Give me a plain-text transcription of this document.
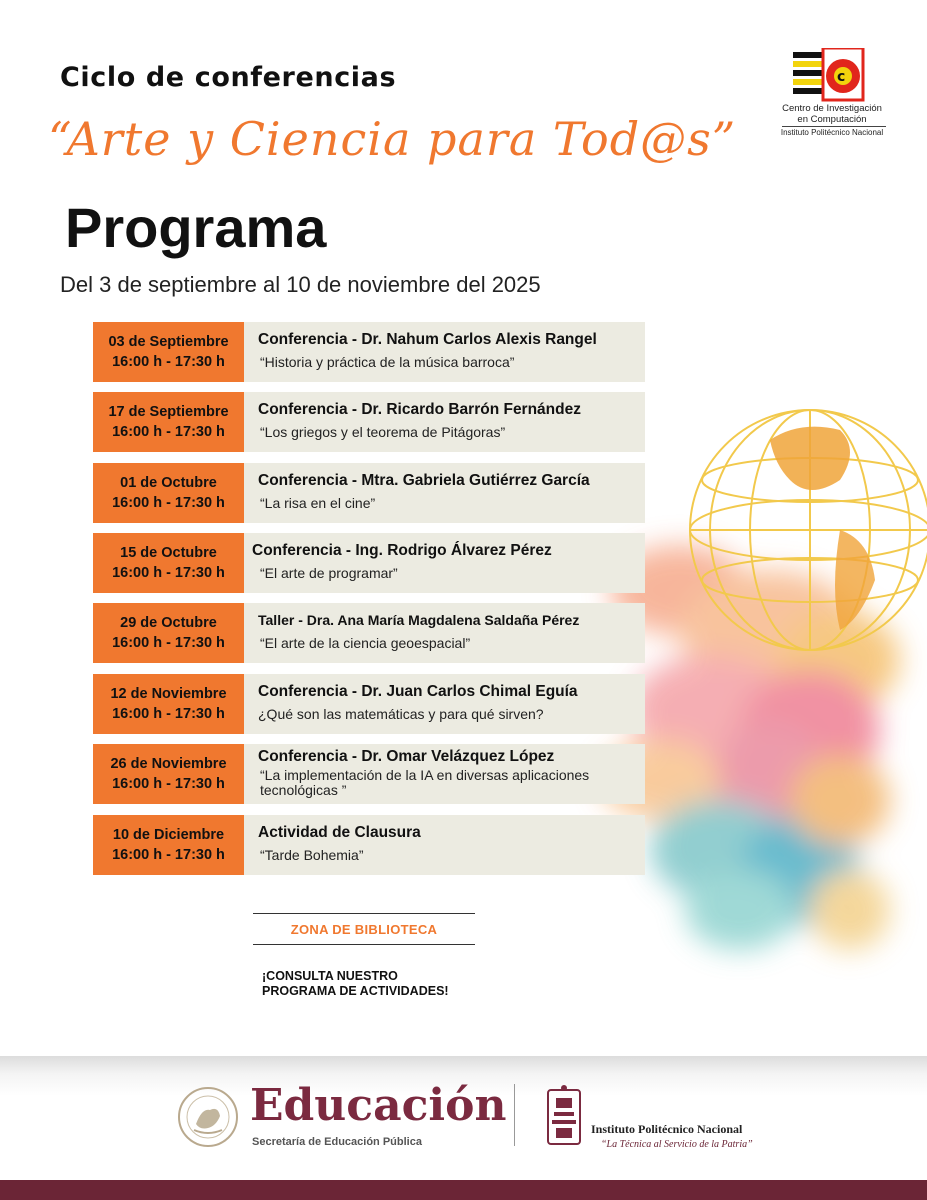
Ciclo de conferencias
“Arte y Ciencia para Tod@s”
Programa
Del 3 de septiembre al 10 de noviembre del 2025
c
Centro de Investigación
en Computación
Instituto Politécnico Nacional
03 de Septiembre
16:00 h - 17:30 h
Conferencia - Dr. Nahum Carlos Alexis Rangel
“Historia y práctica de la música barroca”
17 de Septiembre
16:00 h - 17:30 h
Conferencia - Dr. Ricardo Barrón Fernández
“Los griegos y el teorema de Pitágoras”
01 de Octubre
16:00 h - 17:30 h
Conferencia - Mtra. Gabriela Gutiérrez García
“La risa en el cine”
15 de Octubre
16:00 h - 17:30 h
Conferencia - Ing. Rodrigo Álvarez Pérez
“El arte de programar”
29 de Octubre
16:00 h - 17:30 h
Taller - Dra. Ana María Magdalena Saldaña Pérez
“El arte de la ciencia geoespacial”
12 de Noviembre
16:00 h - 17:30 h
Conferencia - Dr. Juan Carlos Chimal Eguía
¿Qué son las matemáticas y para qué sirven?
26 de Noviembre
16:00 h - 17:30 h
Conferencia - Dr. Omar Velázquez López
“La implementación de la IA en diversas aplicaciones tecnológicas ”
10 de Diciembre
16:00 h - 17:30 h
Actividad de Clausura
“Tarde Bohemia”
ZONA DE BIBLIOTECA
¡CONSULTA NUESTRO
PROGRAMA DE ACTIVIDADES!
Educación
Secretaría de Educación Pública
Instituto Politécnico Nacional
“La Técnica al Servicio de la Patria”
